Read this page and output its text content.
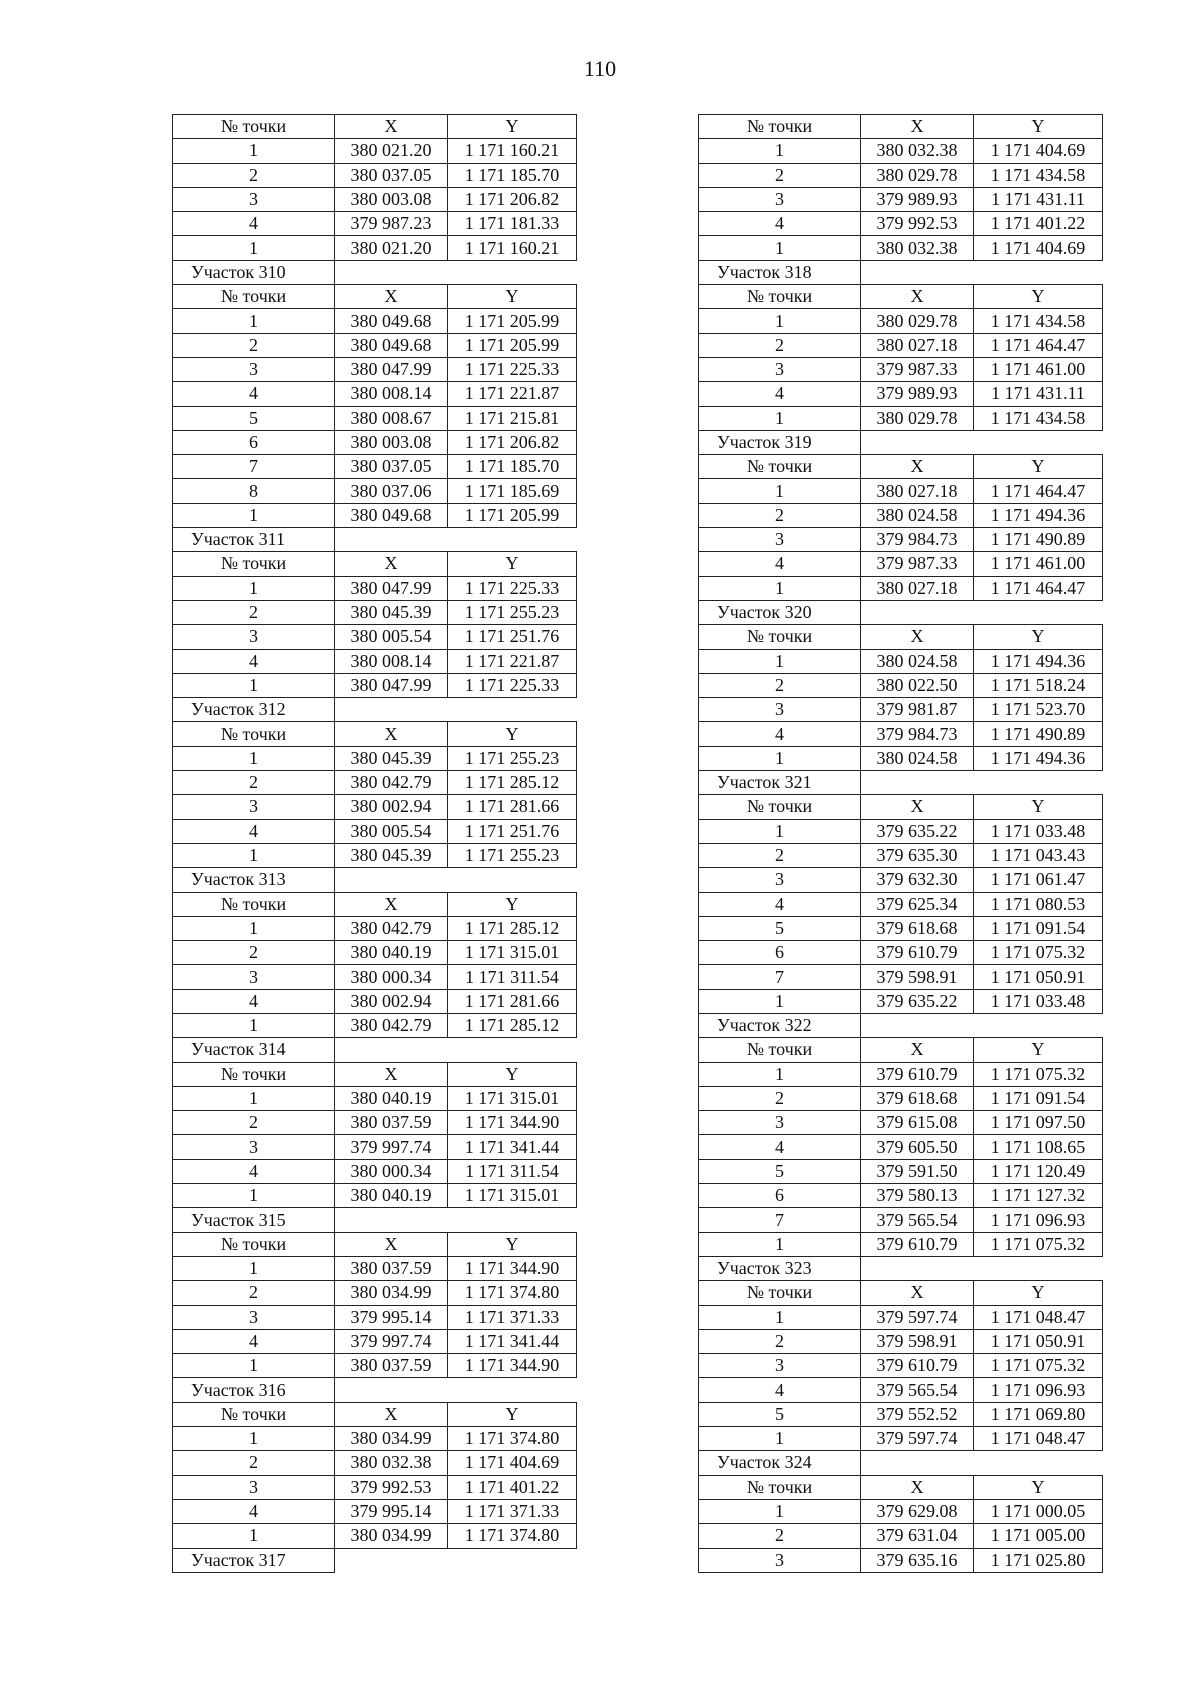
110
№ точки	X	Y
1	380 021.20	1 171 160.21
2	380 037.05	1 171 185.70
3	380 003.08	1 171 206.82
4	379 987.23	1 171 181.33
1	380 021.20	1 171 160.21
Участок 310		
№ точки	X	Y
1	380 049.68	1 171 205.99
2	380 049.68	1 171 205.99
3	380 047.99	1 171 225.33
4	380 008.14	1 171 221.87
5	380 008.67	1 171 215.81
6	380 003.08	1 171 206.82
7	380 037.05	1 171 185.70
8	380 037.06	1 171 185.69
1	380 049.68	1 171 205.99
Участок 311		
№ точки	X	Y
1	380 047.99	1 171 225.33
2	380 045.39	1 171 255.23
3	380 005.54	1 171 251.76
4	380 008.14	1 171 221.87
1	380 047.99	1 171 225.33
Участок 312		
№ точки	X	Y
1	380 045.39	1 171 255.23
2	380 042.79	1 171 285.12
3	380 002.94	1 171 281.66
4	380 005.54	1 171 251.76
1	380 045.39	1 171 255.23
Участок 313		
№ точки	X	Y
1	380 042.79	1 171 285.12
2	380 040.19	1 171 315.01
3	380 000.34	1 171 311.54
4	380 002.94	1 171 281.66
1	380 042.79	1 171 285.12
Участок 314		
№ точки	X	Y
1	380 040.19	1 171 315.01
2	380 037.59	1 171 344.90
3	379 997.74	1 171 341.44
4	380 000.34	1 171 311.54
1	380 040.19	1 171 315.01
Участок 315		
№ точки	X	Y
1	380 037.59	1 171 344.90
2	380 034.99	1 171 374.80
3	379 995.14	1 171 371.33
4	379 997.74	1 171 341.44
1	380 037.59	1 171 344.90
Участок 316		
№ точки	X	Y
1	380 034.99	1 171 374.80
2	380 032.38	1 171 404.69
3	379 992.53	1 171 401.22
4	379 995.14	1 171 371.33
1	380 034.99	1 171 374.80
Участок 317		
№ точки	X	Y
1	380 032.38	1 171 404.69
2	380 029.78	1 171 434.58
3	379 989.93	1 171 431.11
4	379 992.53	1 171 401.22
1	380 032.38	1 171 404.69
Участок 318		
№ точки	X	Y
1	380 029.78	1 171 434.58
2	380 027.18	1 171 464.47
3	379 987.33	1 171 461.00
4	379 989.93	1 171 431.11
1	380 029.78	1 171 434.58
Участок 319		
№ точки	X	Y
1	380 027.18	1 171 464.47
2	380 024.58	1 171 494.36
3	379 984.73	1 171 490.89
4	379 987.33	1 171 461.00
1	380 027.18	1 171 464.47
Участок 320		
№ точки	X	Y
1	380 024.58	1 171 494.36
2	380 022.50	1 171 518.24
3	379 981.87	1 171 523.70
4	379 984.73	1 171 490.89
1	380 024.58	1 171 494.36
Участок 321		
№ точки	X	Y
1	379 635.22	1 171 033.48
2	379 635.30	1 171 043.43
3	379 632.30	1 171 061.47
4	379 625.34	1 171 080.53
5	379 618.68	1 171 091.54
6	379 610.79	1 171 075.32
7	379 598.91	1 171 050.91
1	379 635.22	1 171 033.48
Участок 322		
№ точки	X	Y
1	379 610.79	1 171 075.32
2	379 618.68	1 171 091.54
3	379 615.08	1 171 097.50
4	379 605.50	1 171 108.65
5	379 591.50	1 171 120.49
6	379 580.13	1 171 127.32
7	379 565.54	1 171 096.93
1	379 610.79	1 171 075.32
Участок 323		
№ точки	X	Y
1	379 597.74	1 171 048.47
2	379 598.91	1 171 050.91
3	379 610.79	1 171 075.32
4	379 565.54	1 171 096.93
5	379 552.52	1 171 069.80
1	379 597.74	1 171 048.47
Участок 324		
№ точки	X	Y
1	379 629.08	1 171 000.05
2	379 631.04	1 171 005.00
3	379 635.16	1 171 025.80
